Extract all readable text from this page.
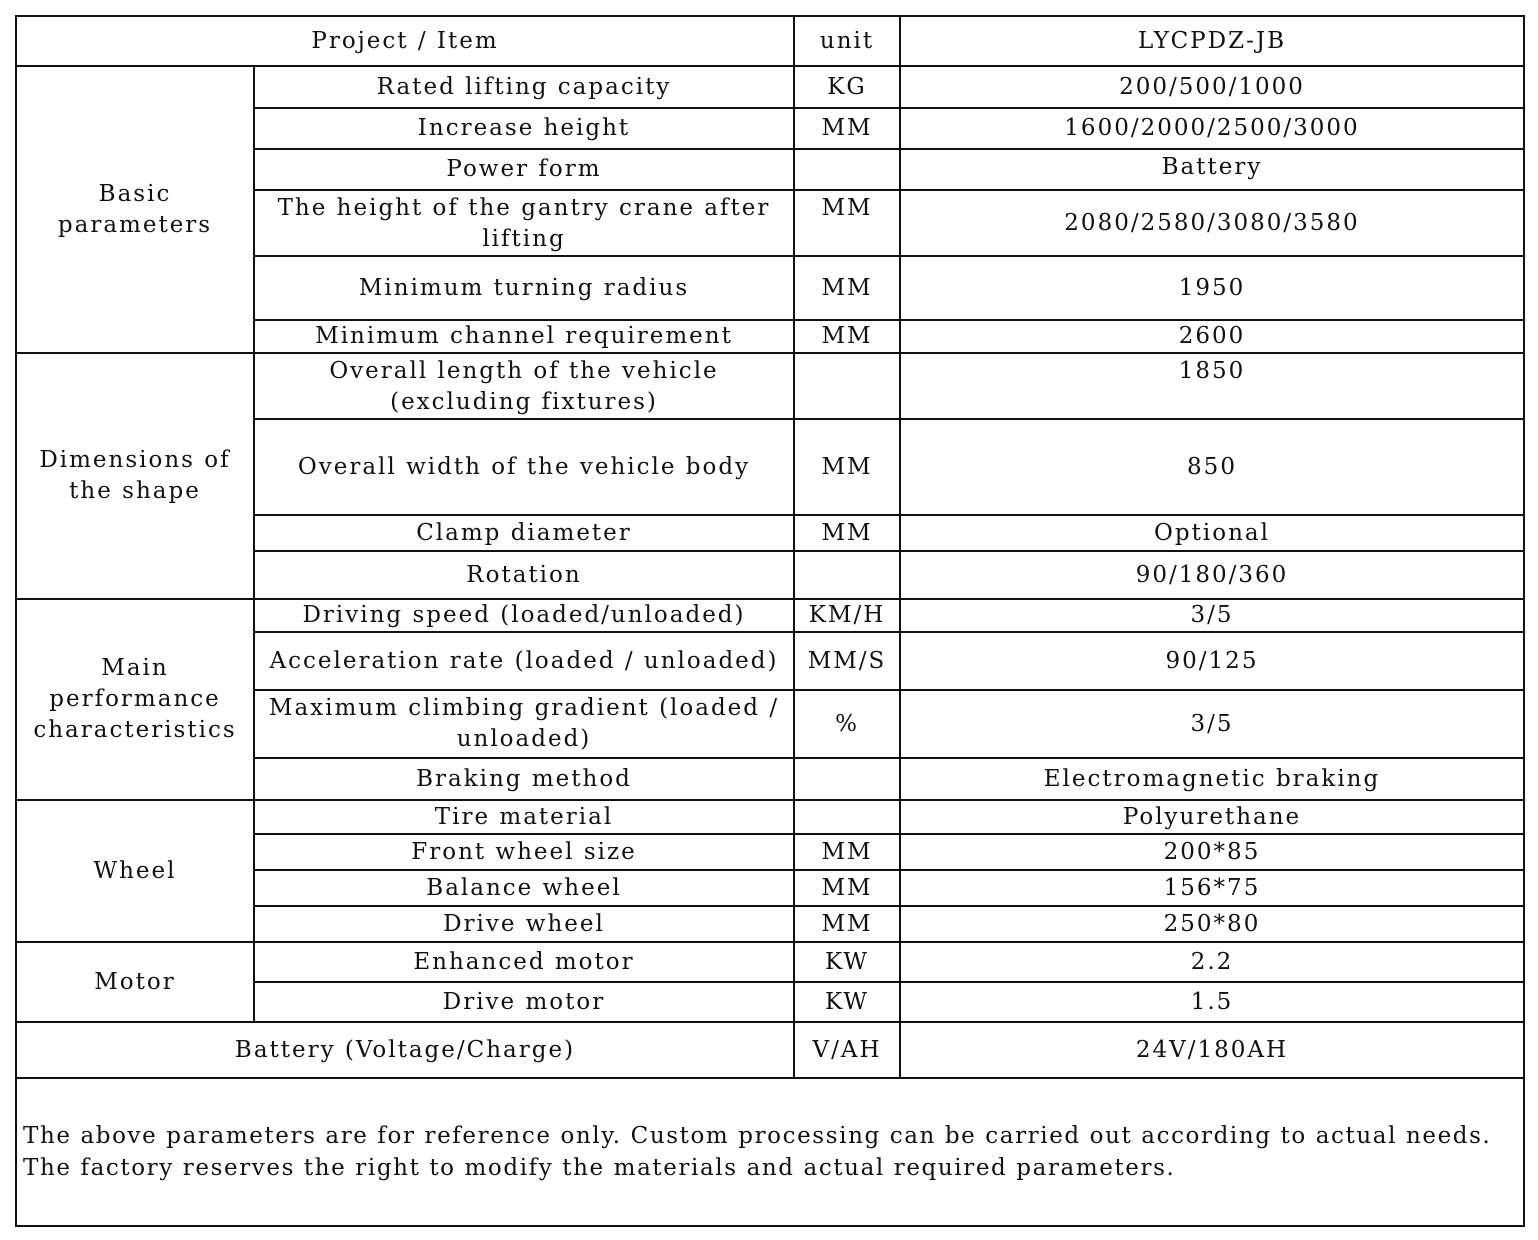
Project / Item		unit	LYCPDZ-JB
Basic parameters	Rated lifting capacity	KG	200/500/1000
	Increase height	MM	1600/2000/2500/3000
	Power form		Battery
	The height of the gantry crane after lifting	MM	2080/2580/3080/3580
	Minimum turning radius	MM	1950
	Minimum channel requirement	MM	2600
Dimensions of the shape	Overall length of the vehicle (excluding fixtures)		1850
	Overall width of the vehicle body	MM	850
	Clamp diameter	MM	Optional
	Rotation		90/180/360
Main performance characteristics	Driving speed (loaded/unloaded)	KM/H	3/5
	Acceleration rate (loaded / unloaded)	MM/S	90/125
	Maximum climbing gradient (loaded / unloaded)	%	3/5
	Braking method		Electromagnetic braking
Wheel	Tire material		Polyurethane
	Front wheel size	MM	200*85
	Balance wheel	MM	156*75
	Drive wheel	MM	250*80
Motor	Enhanced motor	KW	2.2
	Drive motor	KW	1.5
Battery (Voltage/Charge)		V/AH	24V/180AH
The above parameters are for reference only. Custom processing can be carried out according to actual needs. The factory reserves the right to modify the materials and actual required parameters.			
